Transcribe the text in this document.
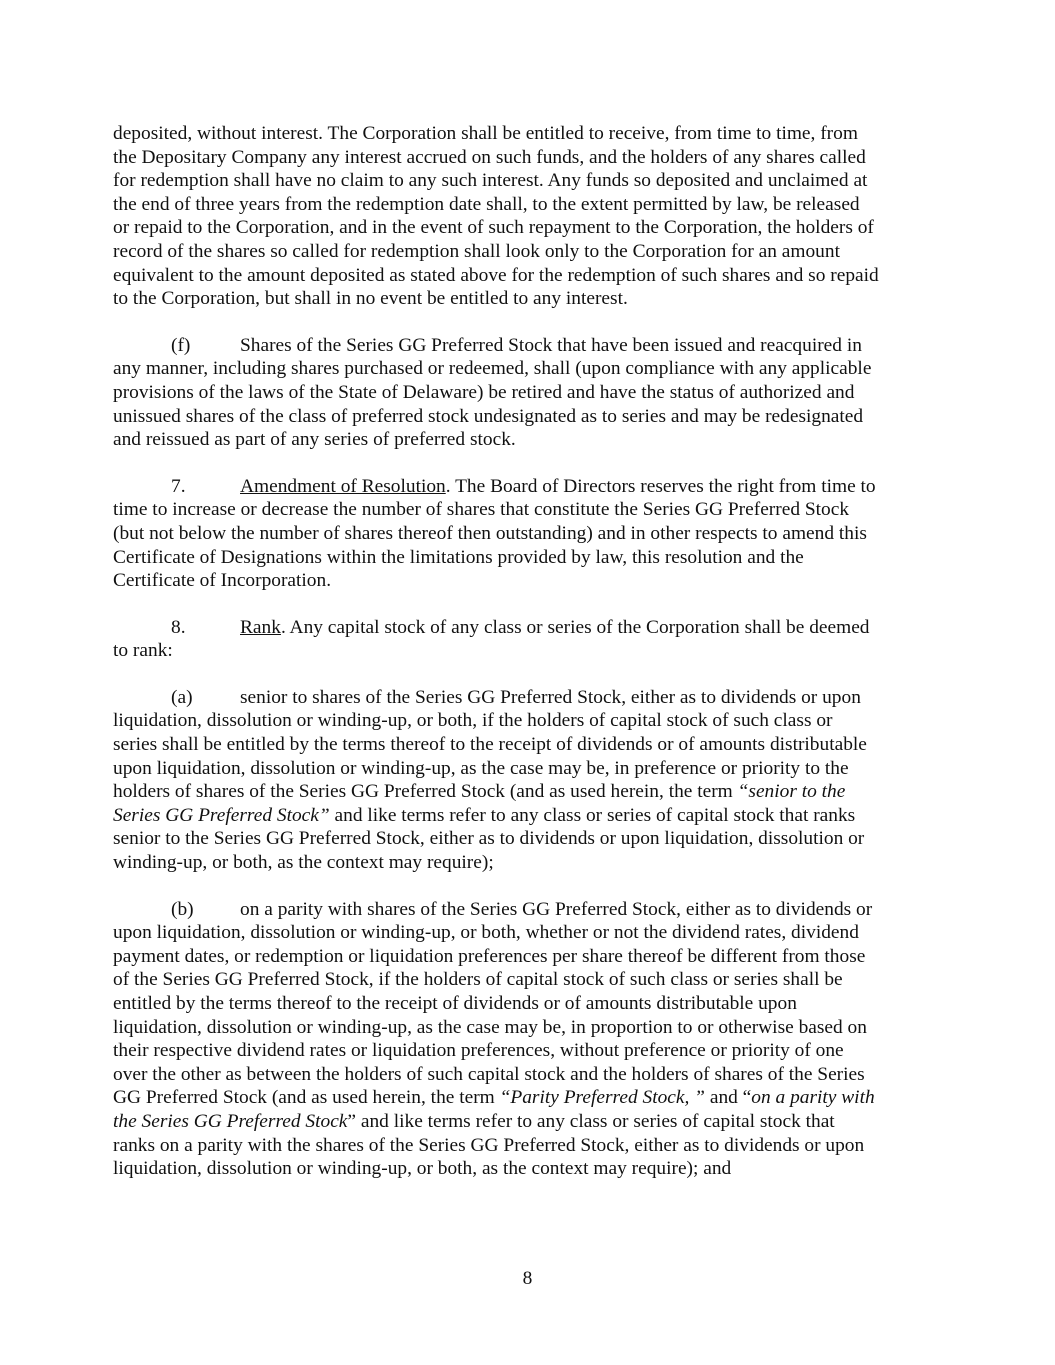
deposited, without interest. The Corporation shall be entitled to receive, from time to time, from
the Depositary Company any interest accrued on such funds, and the holders of any shares called
for redemption shall have no claim to any such interest. Any funds so deposited and unclaimed at
the end of three years from the redemption date shall, to the extent permitted by law, be released
or repaid to the Corporation, and in the event of such repayment to the Corporation, the holders of
record of the shares so called for redemption shall look only to the Corporation for an amount
equivalent to the amount deposited as stated above for the redemption of such shares and so repaid
to the Corporation, but shall in no event be entitled to any interest.
(f)	Shares of the Series GG Preferred Stock that have been issued and reacquired in
any manner, including shares purchased or redeemed, shall (upon compliance with any applicable
provisions of the laws of the State of Delaware) be retired and have the status of authorized and
unissued shares of the class of preferred stock undesignated as to series and may be redesignated
and reissued as part of any series of preferred stock.
7.	Amendment of Resolution. The Board of Directors reserves the right from time to
time to increase or decrease the number of shares that constitute the Series GG Preferred Stock
(but not below the number of shares thereof then outstanding) and in other respects to amend this
Certificate of Designations within the limitations provided by law, this resolution and the
Certificate of Incorporation.
8.	Rank. Any capital stock of any class or series of the Corporation shall be deemed
to rank:
(a) senior to shares of the Series GG Preferred Stock, either as to dividends or upon
liquidation, dissolution or winding-up, or both, if the holders of capital stock of such class or
series shall be entitled by the terms thereof to the receipt of dividends or of amounts distributable
upon liquidation, dissolution or winding-up, as the case may be, in preference or priority to the
holders of shares of the Series GG Preferred Stock (and as used herein, the term “senior to the
Series GG Preferred Stock” and like terms refer to any class or series of capital stock that ranks
senior to the Series GG Preferred Stock, either as to dividends or upon liquidation, dissolution or
winding-up, or both, as the context may require);
(b) on a parity with shares of the Series GG Preferred Stock, either as to dividends or
upon liquidation, dissolution or winding-up, or both, whether or not the dividend rates, dividend
payment dates, or redemption or liquidation preferences per share thereof be different from those
of the Series GG Preferred Stock, if the holders of capital stock of such class or series shall be
entitled by the terms thereof to the receipt of dividends or of amounts distributable upon
liquidation, dissolution or winding-up, as the case may be, in proportion to or otherwise based on
their respective dividend rates or liquidation preferences, without preference or priority of one
over the other as between the holders of such capital stock and the holders of shares of the Series
GG Preferred Stock (and as used herein, the term “Parity Preferred Stock, ” and “on a parity with
the Series GG Preferred Stock” and like terms refer to any class or series of capital stock that
ranks on a parity with the shares of the Series GG Preferred Stock, either as to dividends or upon
liquidation, dissolution or winding-up, or both, as the context may require); and
8
